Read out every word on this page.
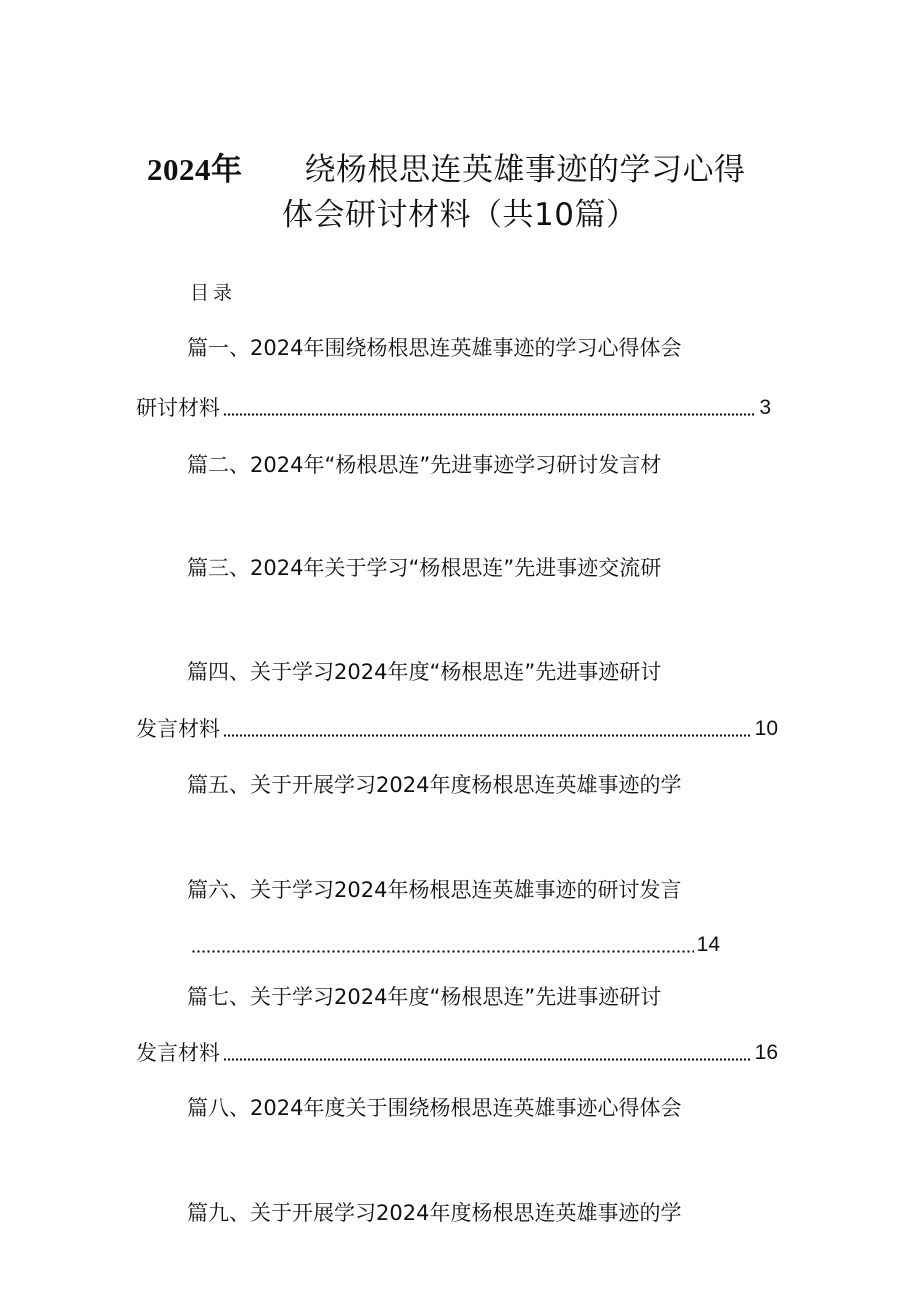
2024年 绕杨根思连英雄事迹的学习心得
体会研讨材料（共10篇）
目录
篇一、2024年围绕杨根思连英雄事迹的学习心得体会
研讨材料	3
篇二、2024年“杨根思连”先进事迹学习研讨发言材
篇三、2024年关于学习“杨根思连”先进事迹交流研
篇四、关于学习2024年度“杨根思连”先进事迹研讨
发言材料	10
篇五、关于开展学习2024年度杨根思连英雄事迹的学
篇六、关于学习2024年杨根思连英雄事迹的研讨发言
14
篇七、关于学习2024年度“杨根思连”先进事迹研讨
发言材料	16
篇八、2024年度关于围绕杨根思连英雄事迹心得体会
篇九、关于开展学习2024年度杨根思连英雄事迹的学
